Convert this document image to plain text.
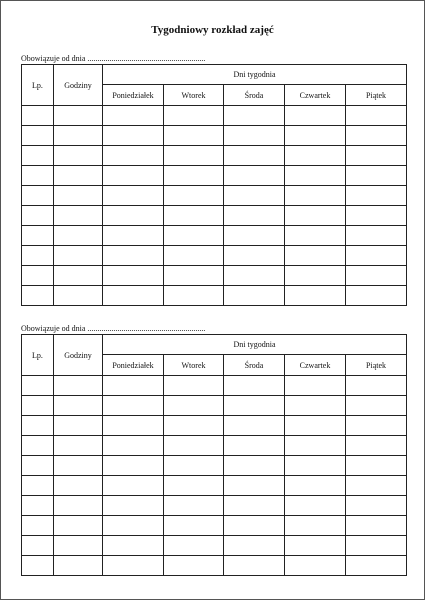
Tygodniowy rozkład zajęć
Obowiązuje od dnia ...........................................................
Lp.	Godziny	Dni tygodnia				
		Poniedziałek	Wtorek	Środa	Czwartek	Piątek

Obowiązuje od dnia ...........................................................
Lp.	Godziny	Dni tygodnia				
		Poniedziałek	Wtorek	Środa	Czwartek	Piątek
